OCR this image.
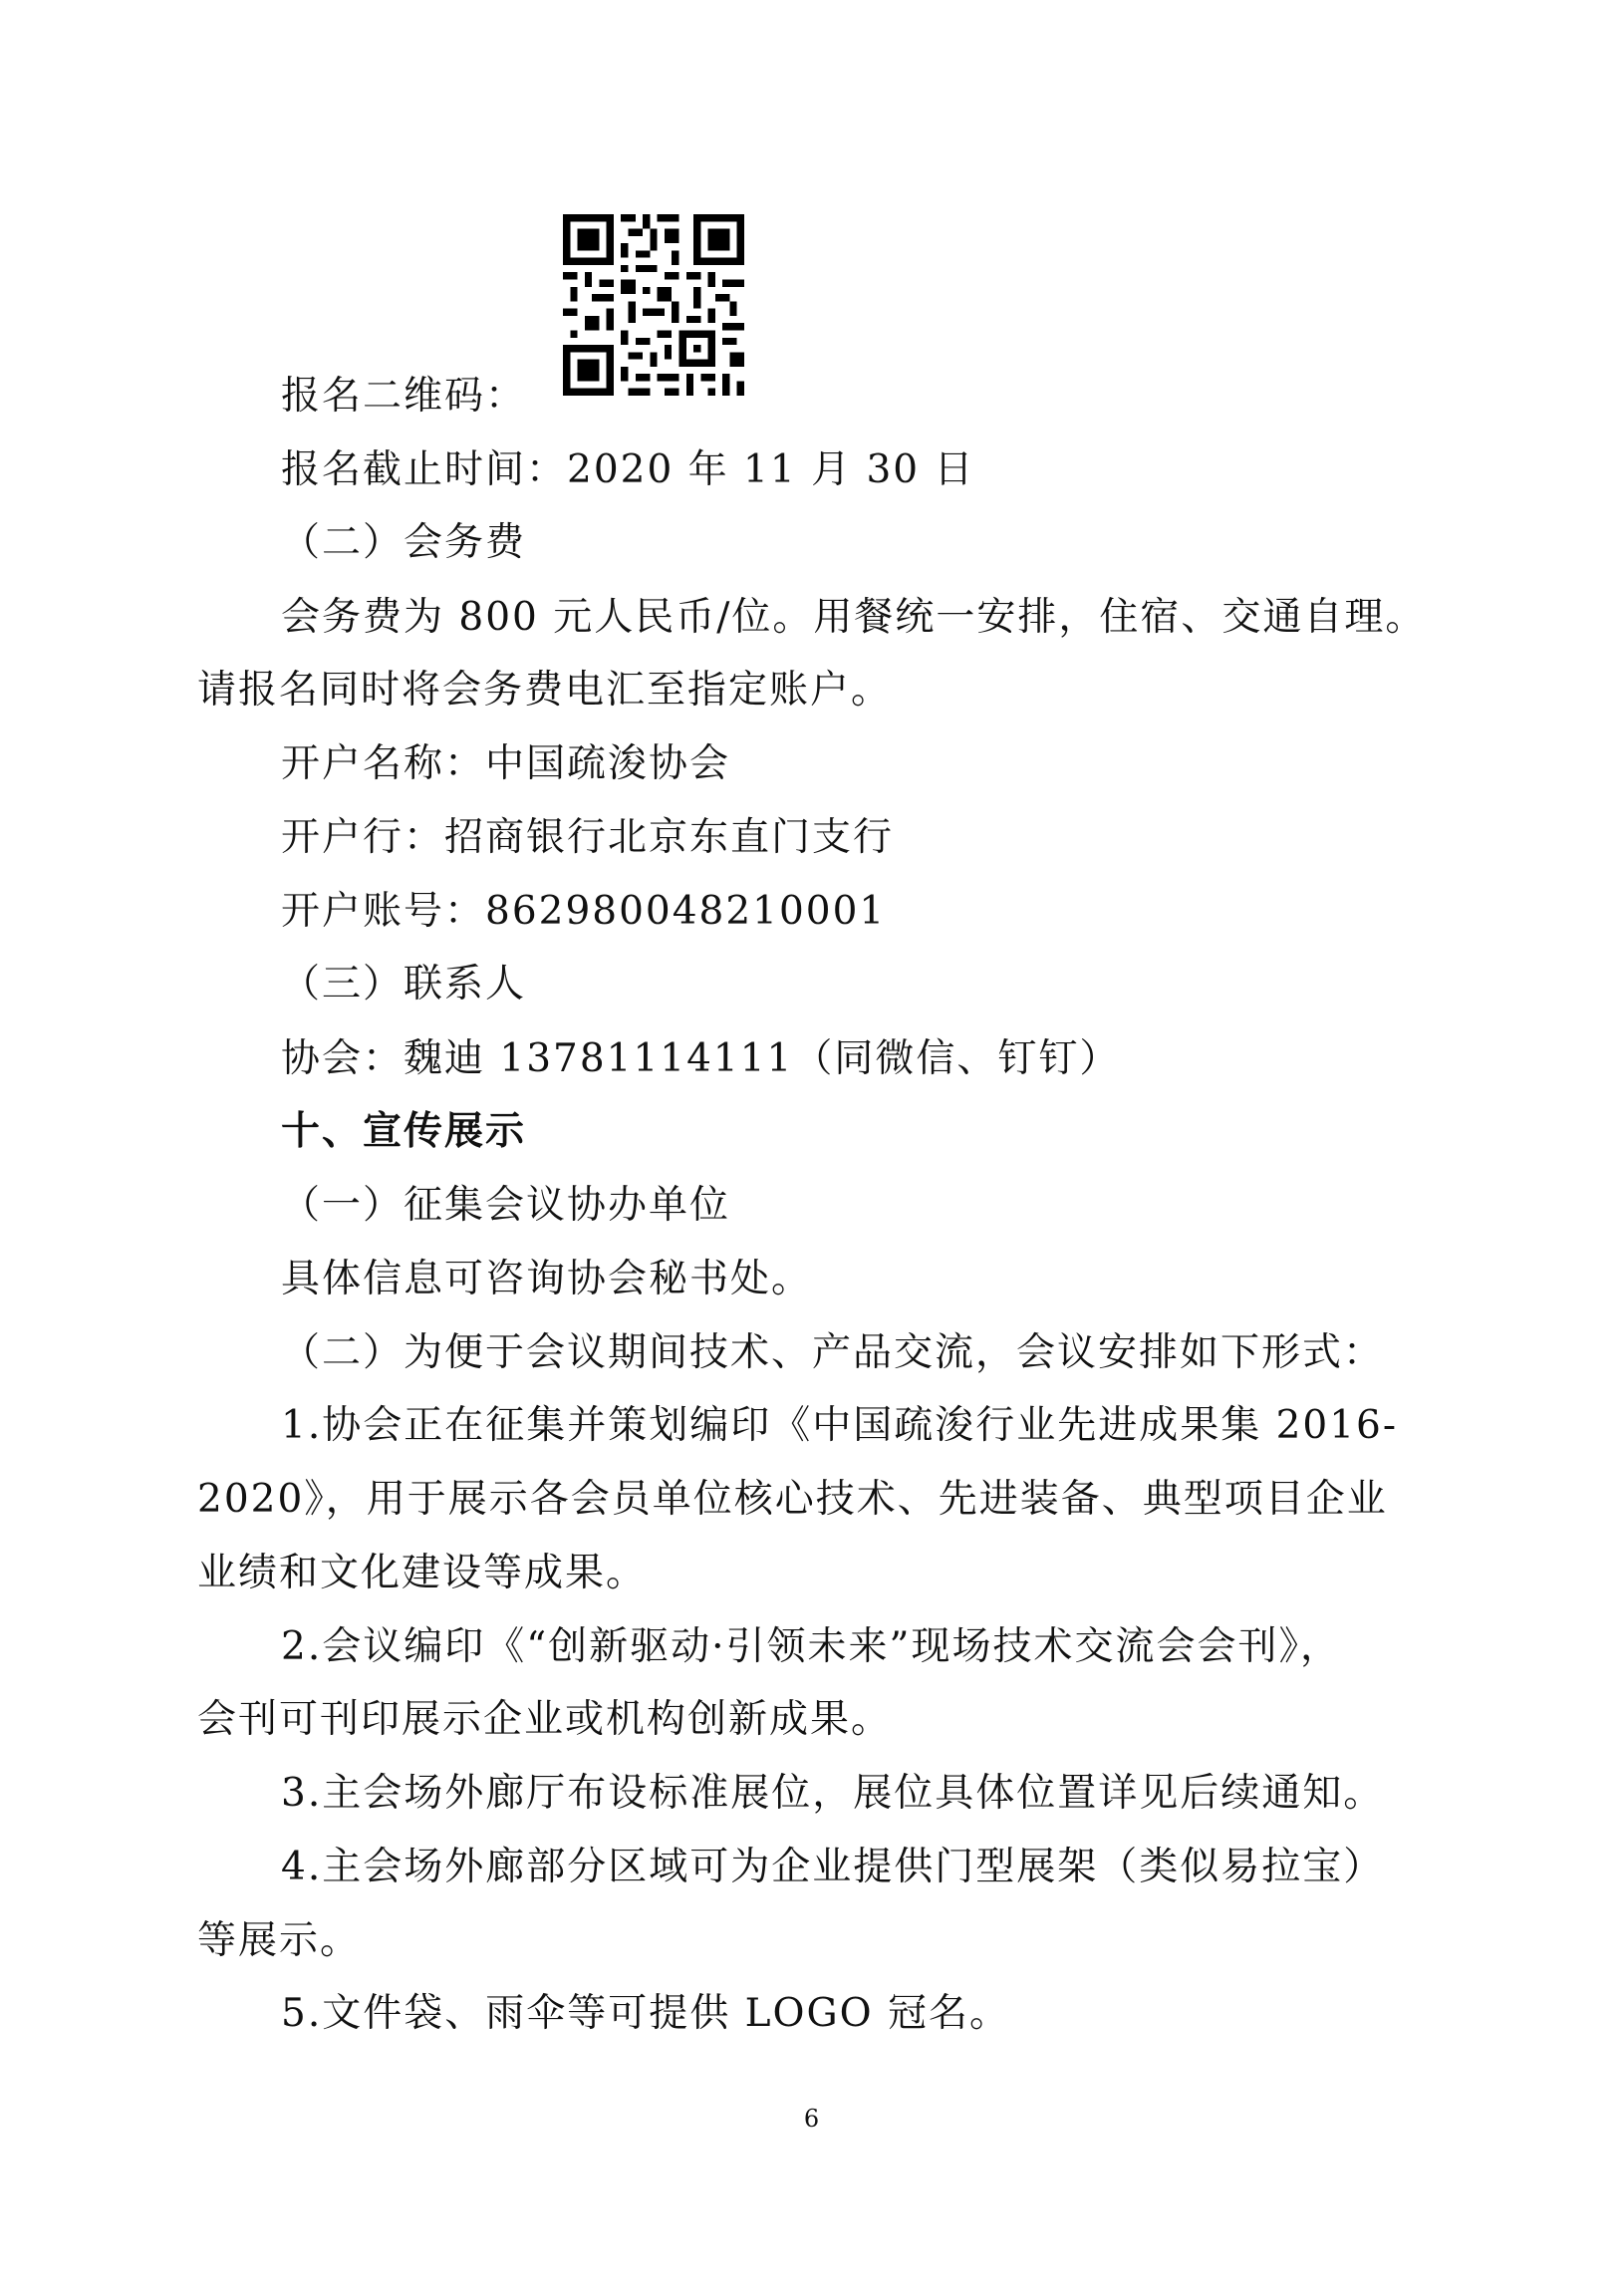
报名二维码：
报名截止时间：2020 年 11 月 30 日
（二）会务费
会务费为 800 元人民币/位。用餐统一安排，住宿、交通自理。
请报名同时将会务费电汇至指定账户。
开户名称：中国疏浚协会
开户行：招商银行北京东直门支行
开户账号：862980048210001
（三）联系人
协会：魏迪 13781114111（同微信、钉钉）
十、宣传展示
（一）征集会议协办单位
具体信息可咨询协会秘书处。
（二）为便于会议期间技术、产品交流，会议安排如下形式：
1.协会正在征集并策划编印《中国疏浚行业先进成果集 2016-
2020》，用于展示各会员单位核心技术、先进装备、典型项目企业
业绩和文化建设等成果。
2.会议编印《“创新驱动·引领未来”现场技术交流会会刊》，
会刊可刊印展示企业或机构创新成果。
3.主会场外廊厅布设标准展位，展位具体位置详见后续通知。
4.主会场外廊部分区域可为企业提供门型展架（类似易拉宝）
等展示。
5.文件袋、雨伞等可提供 LOGO 冠名。
6
